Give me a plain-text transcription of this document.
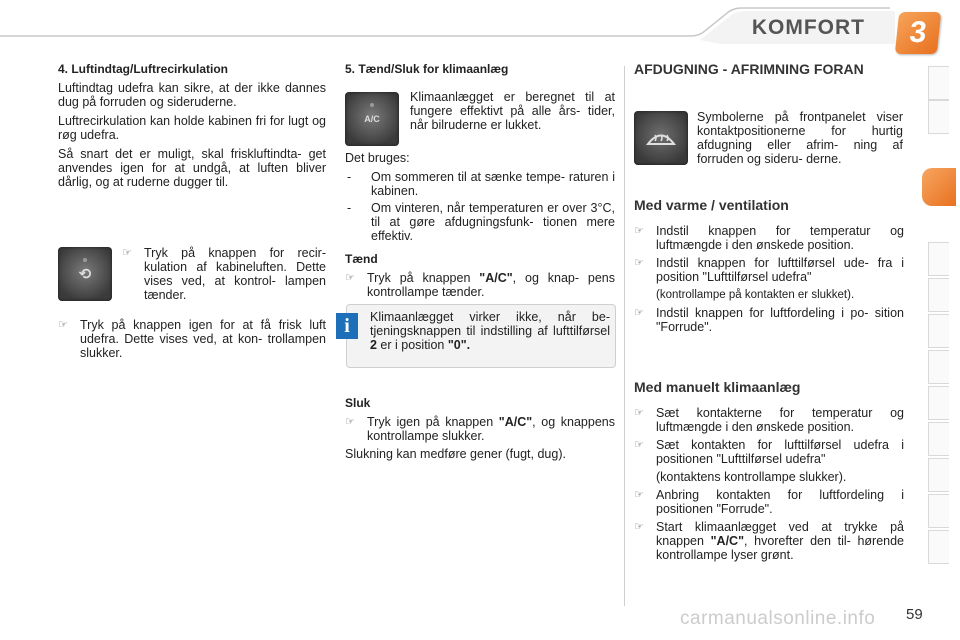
KOMFORT	3
4. Luftindtag/Luftrecirkulation

Luftindtag udefra kan sikre, at der ikke dannes dug på forruden og sideruderne.

Luftrecirkulation kan holde kabinen fri for lugt og røg udefra.

Så snart det er muligt, skal friskluftindta- get anvendes igen for at undgå, at luften bliver dårlig, og at ruderne dugger til.

⟲
☞ Tryk på knappen for recir- kulation af kabineluften. Dette vises ved, at kontrol- lampen tænder.
☞ Tryk på knappen igen for at få frisk luft udefra. Dette vises ved, at kon- trollampen slukker.
5. Tænd/Sluk for klimaanlæg
A/C

Klimaanlægget er beregnet til at fungere effektivt på alle års- tider, når bilruderne er lukket.

Det bruges:

-	Om sommeren til at sænke tempe- raturen i kabinen.
-	Om vinteren, når temperaturen er over 3°C, til at gøre afdugningsfunk- tionen mere effektiv.
Tænd
☞ Tryk på knappen "A/C", og knap- pens kontrollampe tænder.
i	Klimaanlægget virker ikke, når be- tjeningsknappen til indstilling af lufttilførsel 2 er i position "0".

Sluk
☞ Tryk igen på knappen "A/C", og knappens kontrollampe slukker.

Slukning kan medføre gener (fugt, dug).

AFDUGNING - AFRIMNING FORAN

Symbolerne på frontpanelet viser kontaktpositionerne for hurtig afdugning eller afrim- ning af forruden og sideru- derne.

Med varme / ventilation
☞ Indstil knappen for temperatur og luftmængde i den ønskede position.
☞ Indstil knappen for lufttilførsel ude- fra i position "Lufttilførsel udefra"
(kontrollampe på kontakten er slukket).
☞ Indstil knappen for luftfordeling i po- sition "Forrude".
Med manuelt klimaanlæg
☞ Sæt kontakterne for temperatur og luftmængde i den ønskede position.
☞ Sæt kontakten for lufttilførsel udefra i positionen "Lufttilførsel udefra"
(kontaktens kontrollampe slukker).
☞ Anbring kontakten for luftfordeling i positionen "Forrude".
☞ Start klimaanlægget ved at trykke på knappen "A/C", hvorefter den til- hørende kontrollampe lyser grønt.
carmanualsonline.info 59
